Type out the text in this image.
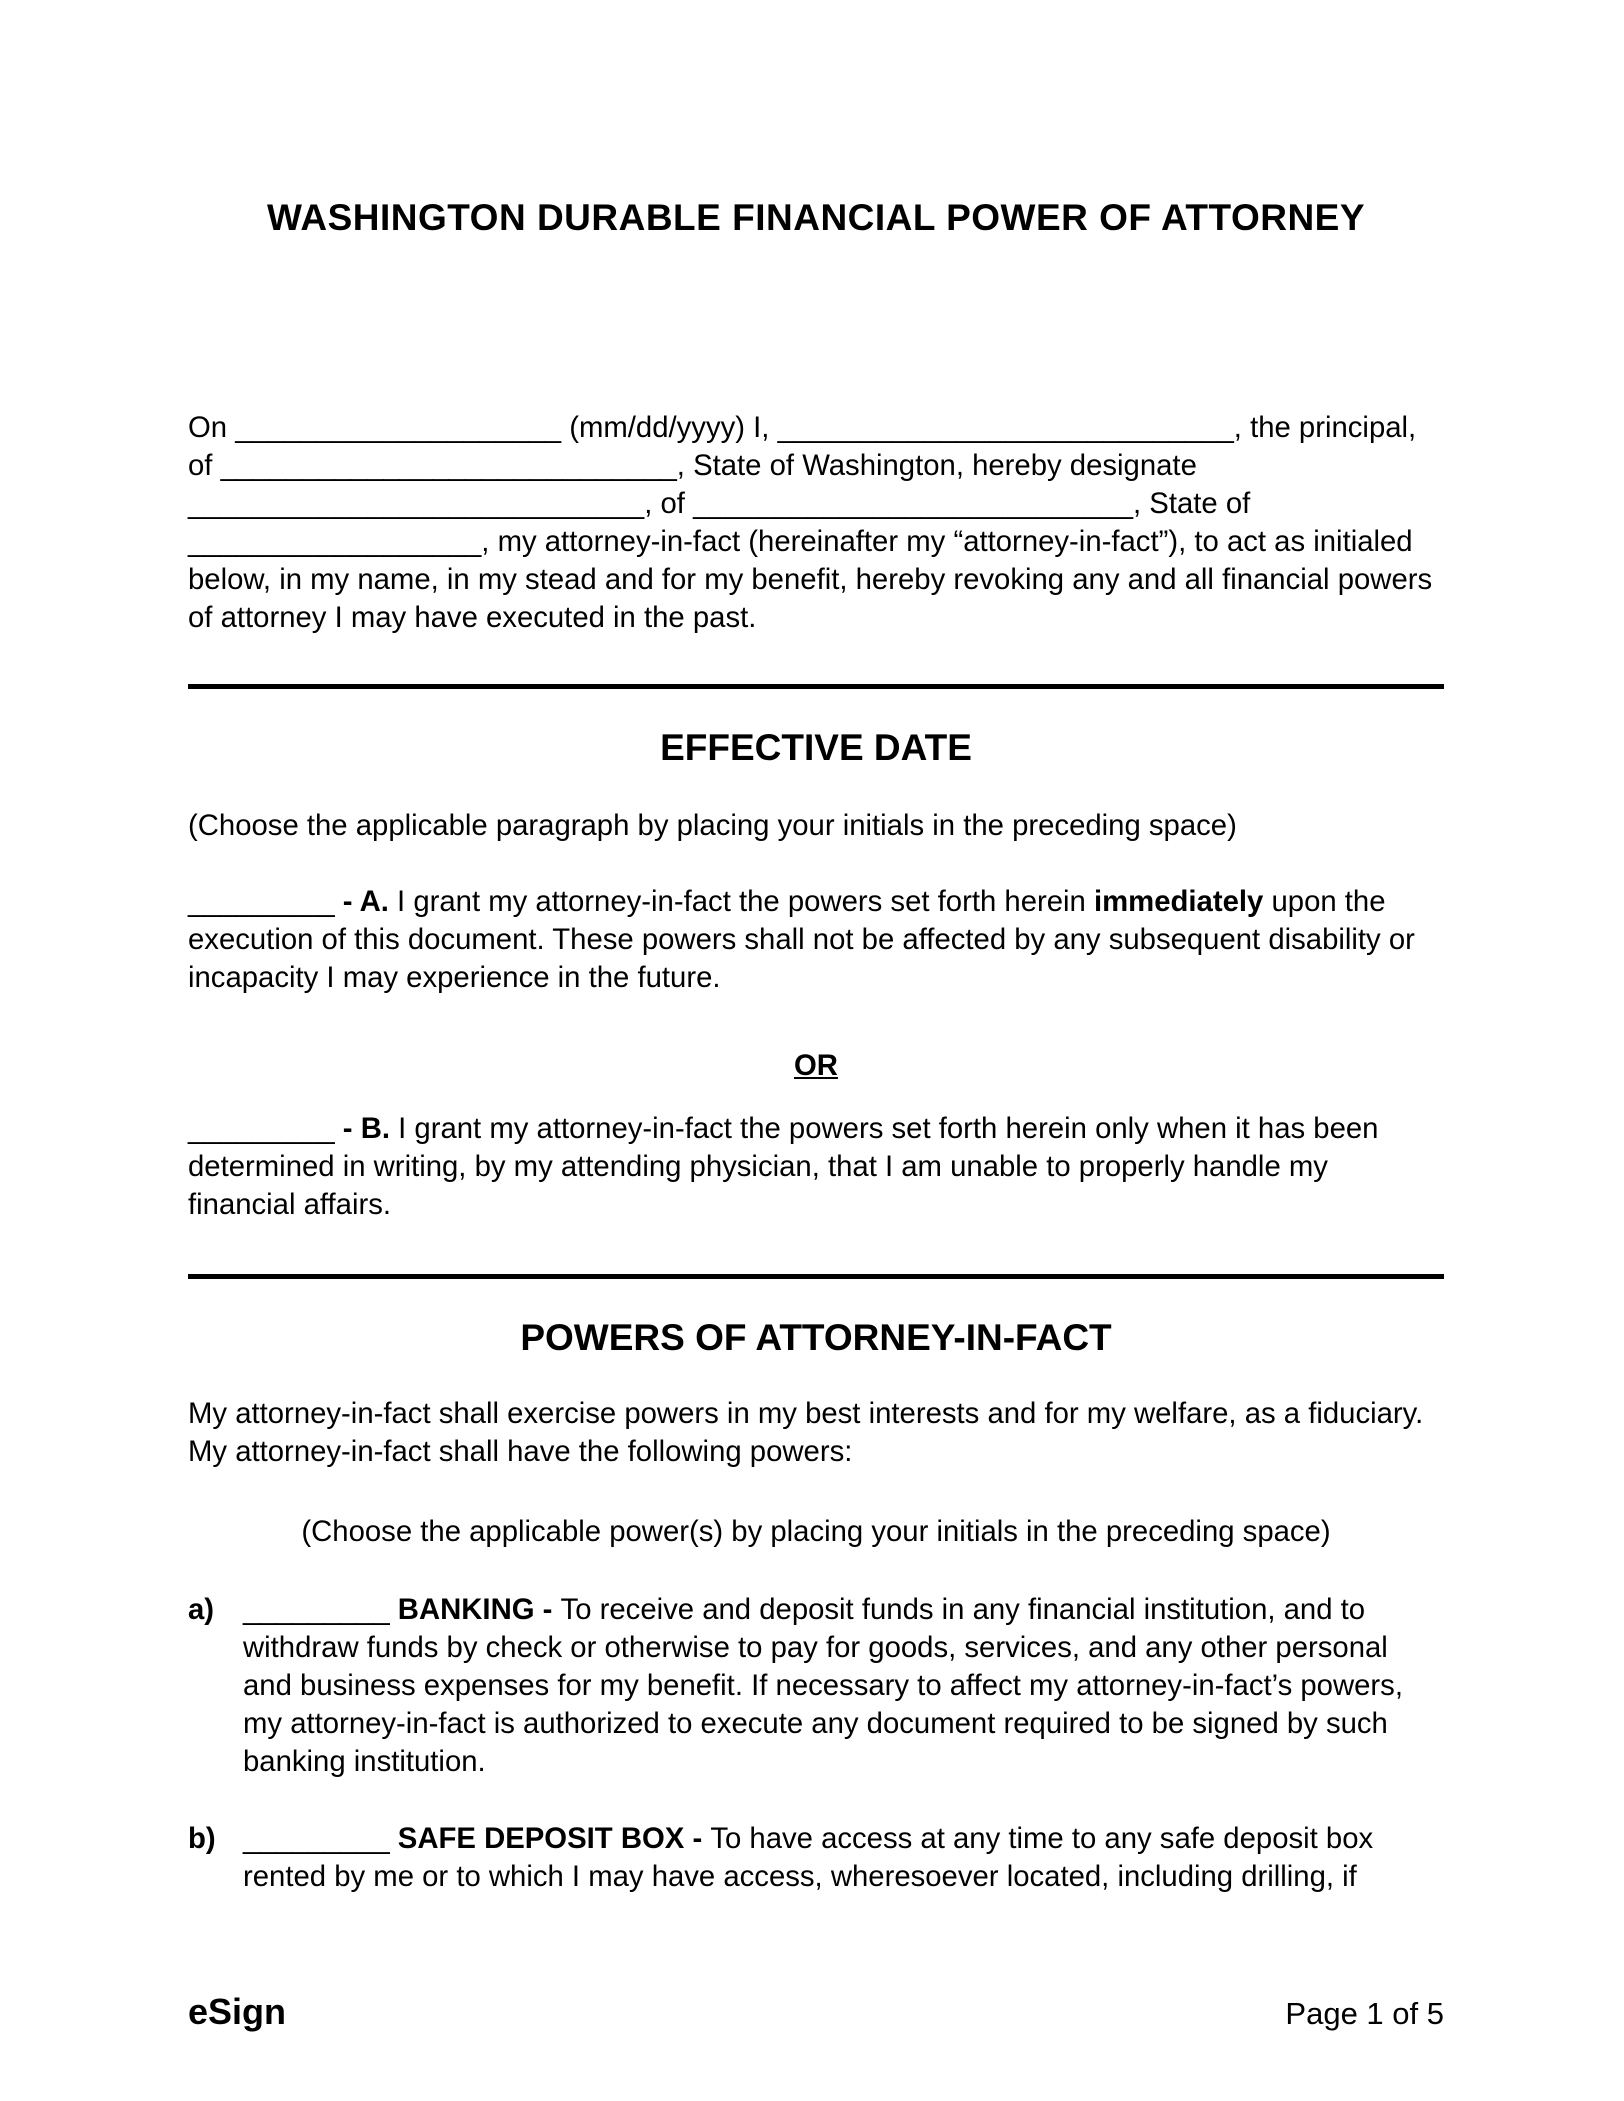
WASHINGTON DURABLE FINANCIAL POWER OF ATTORNEY
On ____________________ (mm/dd/yyyy) I, ____________________________, the principal,
of ____________________________, State of Washington, hereby designate
____________________________, of ___________________________, State of
__________________, my attorney-in-fact (hereinafter my “attorney-in-fact”), to act as initialed
below, in my name, in my stead and for my benefit, hereby revoking any and all financial powers
of attorney I may have executed in the past.
EFFECTIVE DATE
(Choose the applicable paragraph by placing your initials in the preceding space)
_________ - A. I grant my attorney-in-fact the powers set forth herein immediately upon the
execution of this document. These powers shall not be affected by any subsequent disability or
incapacity I may experience in the future.
OR
_________ - B. I grant my attorney-in-fact the powers set forth herein only when it has been
determined in writing, by my attending physician, that I am unable to properly handle my
financial affairs.
POWERS OF ATTORNEY-IN-FACT
My attorney-in-fact shall exercise powers in my best interests and for my welfare, as a fiduciary.
My attorney-in-fact shall have the following powers:
(Choose the applicable power(s) by placing your initials in the preceding space)
a) _________ BANKING - To receive and deposit funds in any financial institution, and to
withdraw funds by check or otherwise to pay for goods, services, and any other personal
and business expenses for my benefit. If necessary to affect my attorney-in-fact’s powers,
my attorney-in-fact is authorized to execute any document required to be signed by such
banking institution.
b) _________ SAFE DEPOSIT BOX - To have access at any time to any safe deposit box
rented by me or to which I may have access, wheresoever located, including drilling, if
eSign	Page 1 of 5
